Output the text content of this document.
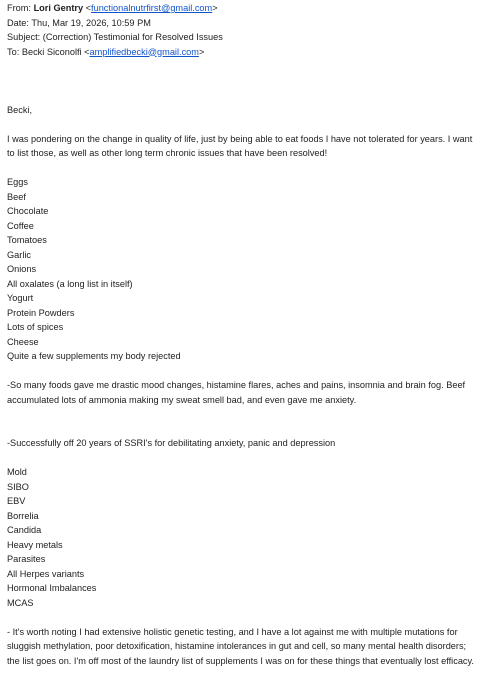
From: Lori Gentry <functionalnutrfirst@gmail.com>
Date: Thu, Mar 19, 2026, 10:59 PM
Subject: (Correction) Testimonial for Resolved Issues
To: Becki Siconolfi <amplifiedbecki@gmail.com>

Becki,

I was pondering on the change in quality of life, just by being able to eat foods I have not tolerated for years. I want to list those, as well as other long term chronic issues that have been resolved!

Eggs

Beef

Chocolate

Coffee

Tomatoes

Garlic

Onions

All oxalates (a long list in itself)

Yogurt

Protein Powders

Lots of spices

Cheese

Quite a few supplements my body rejected

-So many foods gave me drastic mood changes, histamine flares, aches and pains, insomnia and brain fog. Beef accumulated lots of ammonia making my sweat smell bad, and even gave me anxiety.

-Successfully off 20 years of SSRI's for debilitating anxiety, panic and depression

Mold

SIBO

EBV

Borrelia

Candida

Heavy metals

Parasites

All Herpes variants

Hormonal Imbalances

MCAS

- It's worth noting I had extensive holistic genetic testing, and I have a lot against me with multiple mutations for sluggish methylation, poor detoxification, histamine intolerances in gut and cell, so many mental health disorders; the list goes on. I'm off most of the laundry list of supplements I was on for these things that eventually lost efficacy.
